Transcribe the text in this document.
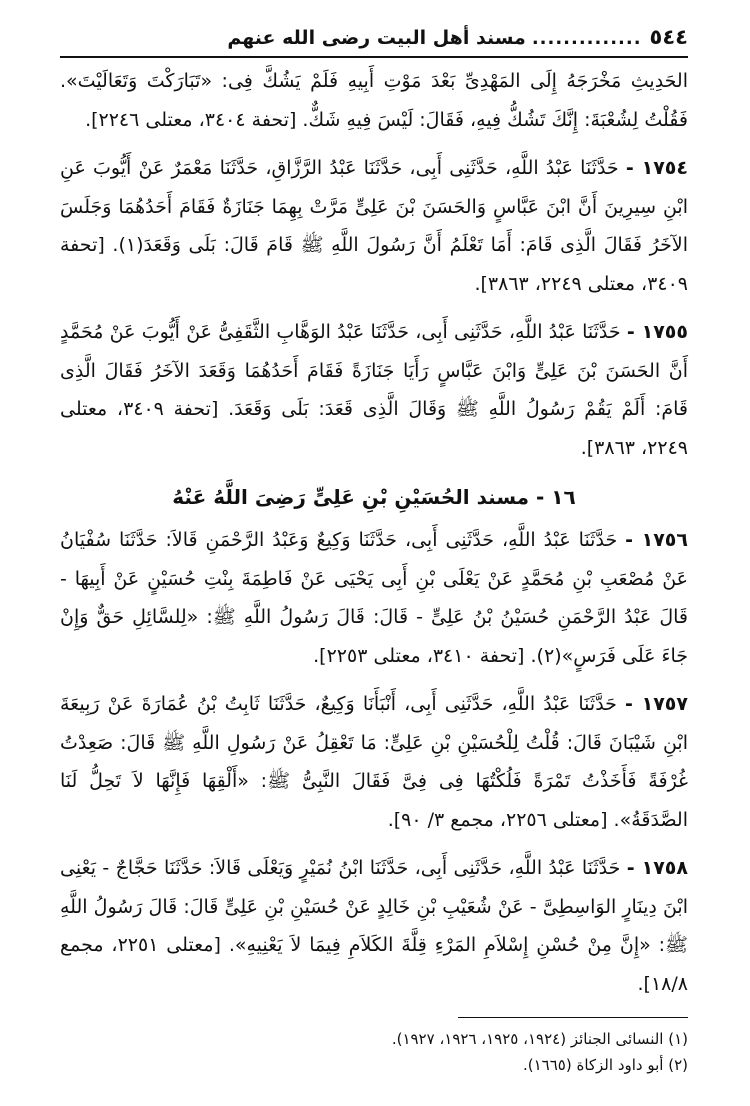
٥٤٤
..............
مسند أهل البيت رضى الله عنهم

الحَدِيثِ مَخْرَجَهُ إِلَى المَهْدِىِّ بَعْدَ مَوْتِ أَبِيهِ فَلَمْ يَشُكَّ فِى: «تَبَارَكْتَ وَتَعَالَيْتَ». فَقُلْتُ لِشُعْبَةَ: إِنَّكَ تَشُكُّ فِيهِ، فَقَالَ: لَيْسَ فِيهِ شَكٌّ. [تحفة ٣٤٠٤، معتلى ٢٢٤٦].

١٧٥٤ - حَدَّثَنَا عَبْدُ اللَّهِ، حَدَّثَنِى أَبِى، حَدَّثَنَا عَبْدُ الرَّزَّاقِ، حَدَّثَنَا مَعْمَرٌ عَنْ أَيُّوبَ عَنِ ابْنِ سِيرِينَ أَنَّ ابْنَ عَبَّاسٍ وَالحَسَنَ بْنَ عَلِىٍّ مَرَّتْ بِهِمَا جَنَازَةٌ فَقَامَ أَحَدُهُمَا وَجَلَسَ الآخَرُ فَقَالَ الَّذِى قَامَ: أَمَا تَعْلَمُ أَنَّ رَسُولَ اللَّهِ ﷺ قَامَ قَالَ: بَلَى وَقَعَدَ(١). [تحفة ٣٤٠٩، معتلى ٢٢٤٩، ٣٨٦٣].

١٧٥٥ - حَدَّثَنَا عَبْدُ اللَّهِ، حَدَّثَنِى أَبِى، حَدَّثَنَا عَبْدُ الوَهَّابِ الثَّقَفِىُّ عَنْ أَيُّوبَ عَنْ مُحَمَّدٍ أَنَّ الحَسَنَ بْنَ عَلِىٍّ وَابْنَ عَبَّاسٍ رَأَيَا جَنَازَةً فَقَامَ أَحَدُهُمَا وَقَعَدَ الآخَرُ فَقَالَ الَّذِى قَامَ: أَلَمْ يَقُمْ رَسُولُ اللَّهِ ﷺ وَقَالَ الَّذِى قَعَدَ: بَلَى وَقَعَدَ. [تحفة ٣٤٠٩، معتلى ٢٢٤٩، ٣٨٦٣].

١٦ - مسند الحُسَيْنِ بْنِ عَلِىٍّ رَضِىَ اللَّهُ عَنْهُ

١٧٥٦ - حَدَّثَنَا عَبْدُ اللَّهِ، حَدَّثَنِى أَبِى، حَدَّثَنَا وَكِيعٌ وَعَبْدُ الرَّحْمَنِ قَالاَ: حَدَّثَنَا سُفْيَانُ عَنْ مُصْعَبِ بْنِ مُحَمَّدٍ عَنْ يَعْلَى بْنِ أَبِى يَحْيَى عَنْ فَاطِمَةَ بِنْتِ حُسَيْنٍ عَنْ أَبِيهَا - قَالَ عَبْدُ الرَّحْمَنِ حُسَيْنُ بْنُ عَلِىٍّ - قَالَ: قَالَ رَسُولُ اللَّهِ ﷺ: «لِلسَّائِلِ حَقٌّ وَإِنْ جَاءَ عَلَى فَرَسٍ»(٢). [تحفة ٣٤١٠، معتلى ٢٢٥٣].

١٧٥٧ - حَدَّثَنَا عَبْدُ اللَّهِ، حَدَّثَنِى أَبِى، أَنْبَأَنَا وَكِيعٌ، حَدَّثَنَا ثَابِتُ بْنُ عُمَارَةَ عَنْ رَبِيعَةَ ابْنِ شَيْبَانَ قَالَ: قُلْتُ لِلْحُسَيْنِ بْنِ عَلِىٍّ: مَا تَعْقِلُ عَنْ رَسُولِ اللَّهِ ﷺ قَالَ: صَعِدْتُ غُرْفَةً فَأَخَذْتُ تَمْرَةً فَلُكْتُهَا فِى فِىَّ فَقَالَ النَّبِىُّ ﷺ: «أَلْقِهَا فَإِنَّهَا لاَ تَحِلُّ لَنَا الصَّدَقَةُ». [معتلى ٢٢٥٦، مجمع ٣/ ٩٠].

١٧٥٨ - حَدَّثَنَا عَبْدُ اللَّهِ، حَدَّثَنِى أَبِى، حَدَّثَنَا ابْنُ نُمَيْرٍ وَيَعْلَى قَالاَ: حَدَّثَنَا حَجَّاجٌ - يَعْنِى ابْنَ دِينَارٍ الوَاسِطِىَّ - عَنْ شُعَيْبِ بْنِ خَالِدٍ عَنْ حُسَيْنِ بْنِ عَلِىٍّ قَالَ: قَالَ رَسُولُ اللَّهِ ﷺ: «إِنَّ مِنْ حُسْنِ إِسْلاَمِ المَرْءِ قِلَّةَ الكَلاَمِ فِيمَا لاَ يَعْنِيهِ». [معتلى ٢٢٥١، مجمع ١٨/٨].

(١) النسائى الجنائز (١٩٢٤، ١٩٢٥، ١٩٢٦، ١٩٢٧).

(٢) أبو داود الزكاة (١٦٦٥).
